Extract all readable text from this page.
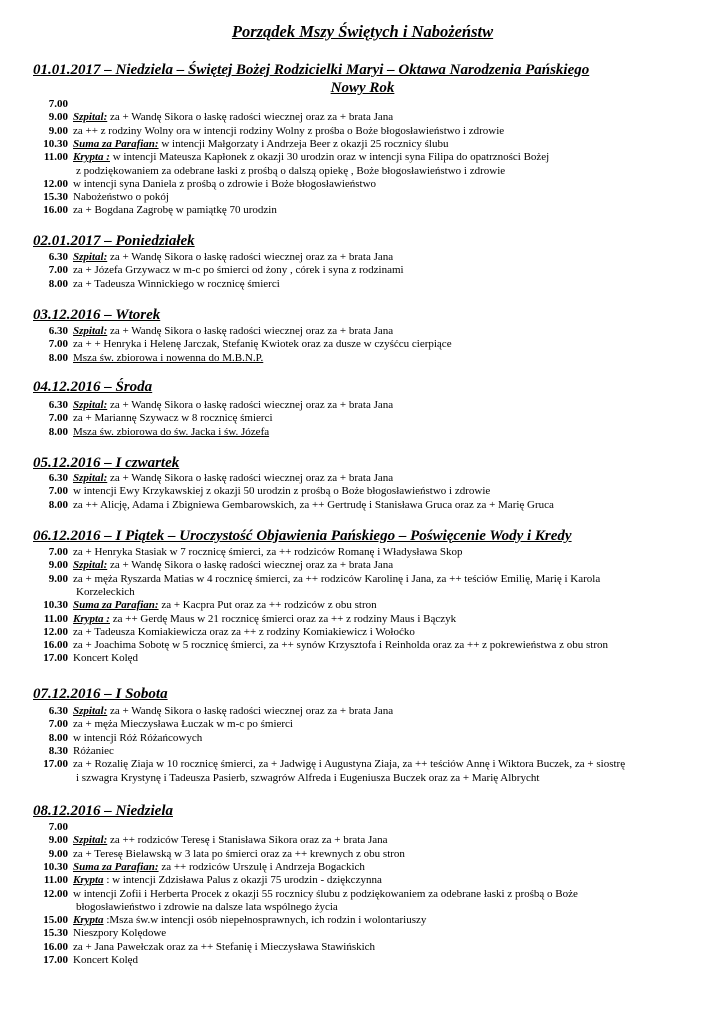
Porządek Mszy Świętych i Nabożeństw
01.01.2017 – Niedziela – Świętej Bożej Rodzicielki Maryi – Oktawa Narodzenia Pańskiego
Nowy Rok
7.00
9.00 Szpital: za + Wandę Sikora o łaskę radości wiecznej oraz za + brata Jana
9.00 za ++ z rodziny Wolny ora w intencji rodziny Wolny z prośba o Boże błogosławieństwo i zdrowie
10.30 Suma za Parafian: w intencji Małgorzaty i Andrzeja Beer z okazji 25 rocznicy ślubu
11.00 Krypta : w intencji Mateusza Kapłonek z okazji 30 urodzin oraz w intencji syna Filipa do opatrzności Bożej
z podziękowaniem za odebrane łaski z prośbą o dalszą opiekę , Boże błogosławieństwo i zdrowie
12.00 w intencji syna Daniela z prośbą o zdrowie i Boże błogosławieństwo
15.30 Nabożeństwo o pokój
16.00 za + Bogdana Zagrobę w pamiątkę 70 urodzin
02.01.2017 – Poniedziałek
6.30 Szpital: za + Wandę Sikora o łaskę radości wiecznej oraz za + brata Jana
7.00 za + Józefa Grzywacz w m-c po śmierci od żony , córek i syna z rodzinami
8.00 za + Tadeusza Winnickiego w rocznicę śmierci
03.12.2016 – Wtorek
6.30 Szpital: za + Wandę Sikora o łaskę radości wiecznej oraz za + brata Jana
7.00 za + + Henryka i Helenę Jarczak, Stefanię Kwiotek oraz za dusze w czyśćcu cierpiące
8.00 Msza św. zbiorowa i nowenna do M.B.N.P.
04.12.2016 – Środa
6.30 Szpital: za + Wandę Sikora o łaskę radości wiecznej oraz za + brata Jana
7.00 za + Mariannę Szywacz w 8 rocznicę śmierci
8.00 Msza św. zbiorowa do św. Jacka i św. Józefa
05.12.2016 – I czwartek
6.30 Szpital: za + Wandę Sikora o łaskę radości wiecznej oraz za + brata Jana
7.00 w intencji Ewy Krzykawskiej z okazji 50 urodzin z prośbą o Boże błogosławieństwo i zdrowie
8.00 za ++ Alicję, Adama i Zbigniewa Gembarowskich, za ++ Gertrudę i Stanisława Gruca oraz za + Marię Gruca
06.12.2016 – I Piątek – Uroczystość Objawienia Pańskiego – Poświęcenie Wody i Kredy
7.00 za + Henryka Stasiak w 7 rocznicę śmierci, za ++ rodziców Romanę i Władysława Skop
9.00 Szpital: za + Wandę Sikora o łaskę radości wiecznej oraz za + brata Jana
9.00 za + męża Ryszarda Matias w 4 rocznicę śmierci, za ++ rodziców Karolinę i Jana, za ++ teściów Emilię, Marię i Karola
Korzeleckich
10.30 Suma za Parafian: za + Kacpra Put oraz za ++ rodziców z obu stron
11.00 Krypta : za ++ Gerdę Maus w 21 rocznicę śmierci oraz za ++ z rodziny Maus i Bączyk
12.00 za + Tadeusza Komiakiewicza oraz za ++ z rodziny Komiakiewicz i Wołoćko
16.00 za + Joachima Sobotę w 5 rocznicę śmierci, za ++ synów Krzysztofa i Reinholda oraz za ++ z pokrewieństwa z obu stron
17.00 Koncert Kolęd
07.12.2016 – I Sobota
6.30 Szpital: za + Wandę Sikora o łaskę radości wiecznej oraz za + brata Jana
7.00 za + męża Mieczysława Łuczak w m-c po śmierci
8.00 w intencji Róż Różańcowych
8.30 Różaniec
17.00 za + Rozalię Ziaja w 10 rocznicę śmierci, za + Jadwigę i Augustyna Ziaja, za ++ teściów Annę i Wiktora Buczek, za + siostrę
i szwagra Krystynę i Tadeusza Pasierb, szwagrów Alfreda i Eugeniusza Buczek oraz za + Marię Albrycht
08.12.2016 – Niedziela
7.00
9.00 Szpital: za ++ rodziców Teresę i Stanisława Sikora oraz za + brata Jana
9.00 za + Teresę Bielawską w 3 lata po śmierci oraz za ++ krewnych z obu stron
10.30 Suma za Parafian: za ++ rodziców Urszulę i Andrzeja Bogackich
11.00 Krypta : w intencji Zdzisława Palus z okazji 75 urodzin - dziękczynna
12.00 w intencji Zofii i Herberta Procek z okazji 55 rocznicy ślubu z podziękowaniem za odebrane łaski z prośbą o Boże
błogosławieństwo i zdrowie na dalsze lata wspólnego życia
15.00 Krypta :Msza św.w intencji osób niepełnosprawnych, ich rodzin i wolontariuszy
15.30 Nieszpory Kolędowe
16.00 za + Jana Pawełczak oraz za ++ Stefanię i Mieczysława Stawińskich
17.00 Koncert Kolęd
